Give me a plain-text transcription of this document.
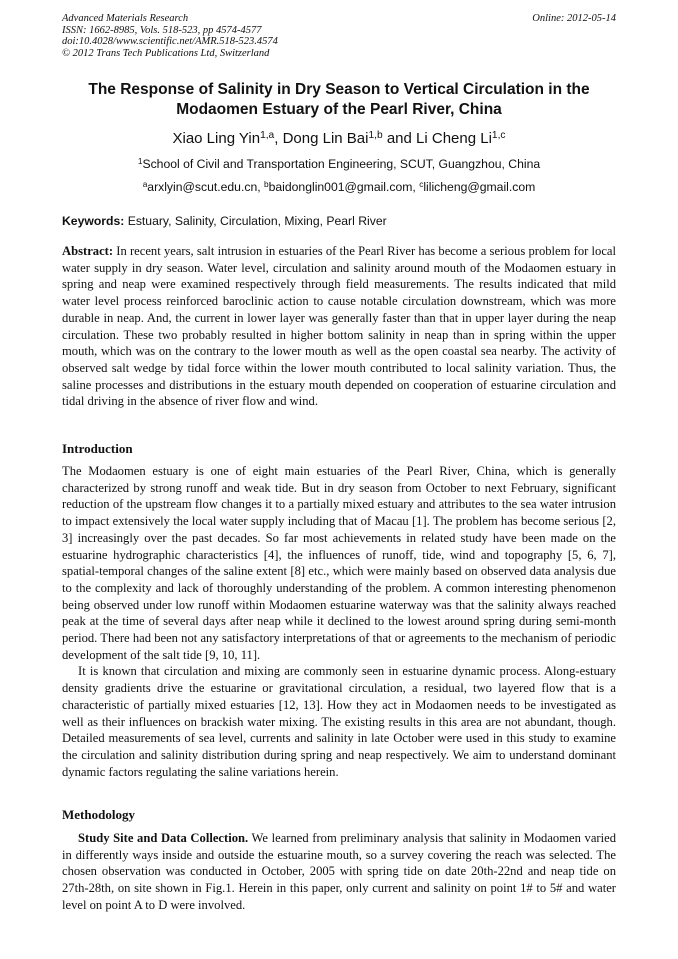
Advanced Materials Research
ISSN: 1662-8985, Vols. 518-523, pp 4574-4577
doi:10.4028/www.scientific.net/AMR.518-523.4574
© 2012 Trans Tech Publications Ltd, Switzerland
Online: 2012-05-14
The Response of Salinity in Dry Season to Vertical Circulation in the Modaomen Estuary of the Pearl River, China
Xiao Ling Yin$^{1,a}$, Dong Lin Bai$^{1,b}$ and Li Cheng Li$^{1,c}$
$^1$School of Civil and Transportation Engineering, SCUT, Guangzhou, China
$^a$arxlyin@scut.edu.cn, $^b$baidonglin001@gmail.com, $^c$lilicheng@gmail.com
Keywords: Estuary, Salinity, Circulation, Mixing, Pearl River
Abstract: In recent years, salt intrusion in estuaries of the Pearl River has become a serious problem for local water supply in dry season. Water level, circulation and salinity around mouth of the Modaomen estuary in spring and neap were examined respectively through field measurements. The results indicated that mild water level process reinforced baroclinic action to cause notable circulation downstream, which was more durable in neap. And, the current in lower layer was generally faster than that in upper layer during the neap circulation. These two probably resulted in higher bottom salinity in neap than in spring within the upper mouth, which was on the contrary to the lower mouth as well as the open coastal sea nearby. The activity of observed salt wedge by tidal force within the lower mouth contributed to local salinity variation. Thus, the saline processes and distributions in the estuary mouth depended on cooperation of estuarine circulation and tidal driving in the absence of river flow and wind.
Introduction

The Modaomen estuary is one of eight main estuaries of the Pearl River, China, which is generally characterized by strong runoff and weak tide. But in dry season from October to next February, significant reduction of the upstream flow changes it to a partially mixed estuary and attributes to the sea water intrusion to impact extensively the local water supply including that of Macau [1]. The problem has become serious [2, 3] increasingly over the past decades. So far most achievements in related study have been made on the estuarine hydrographic characteristics [4], the influences of runoff, tide, wind and topography [5, 6, 7], spatial-temporal changes of the saline extent [8] etc., which were mainly based on observed data analysis due to the complexity and lack of thoroughly understanding of the problem. A common interesting phenomenon being observed under low runoff within Modaomen estuarine waterway was that the salinity always reached peak at the time of several days after neap while it declined to the lowest around spring during semi-month period. There had been not any satisfactory interpretations of that or agreements to the mechanism of periodic development of the salt tide [9, 10, 11].

It is known that circulation and mixing are commonly seen in estuarine dynamic process. Along-estuary density gradients drive the estuarine or gravitational circulation, a residual, two layered flow that is a characteristic of partially mixed estuaries [12, 13]. How they act in Modaomen needs to be investigated as well as their influences on brackish water mixing. The existing results in this area are not abundant, though. Detailed measurements of sea level, currents and salinity in late October were used in this study to examine the circulation and salinity distribution during spring and neap respectively. We aim to understand dominant dynamic factors regulating the saline variations herein.

Methodology

Study Site and Data Collection. We learned from preliminary analysis that salinity in Modaomen varied in differently ways inside and outside the estuarine mouth, so a survey covering the reach was selected. The chosen observation was conducted in October, 2005 with spring tide on date 20th-22nd and neap tide on 27th-28th, on site shown in Fig.1. Herein in this paper, only current and salinity on point 1# to 5# and water level on point A to D were involved.
